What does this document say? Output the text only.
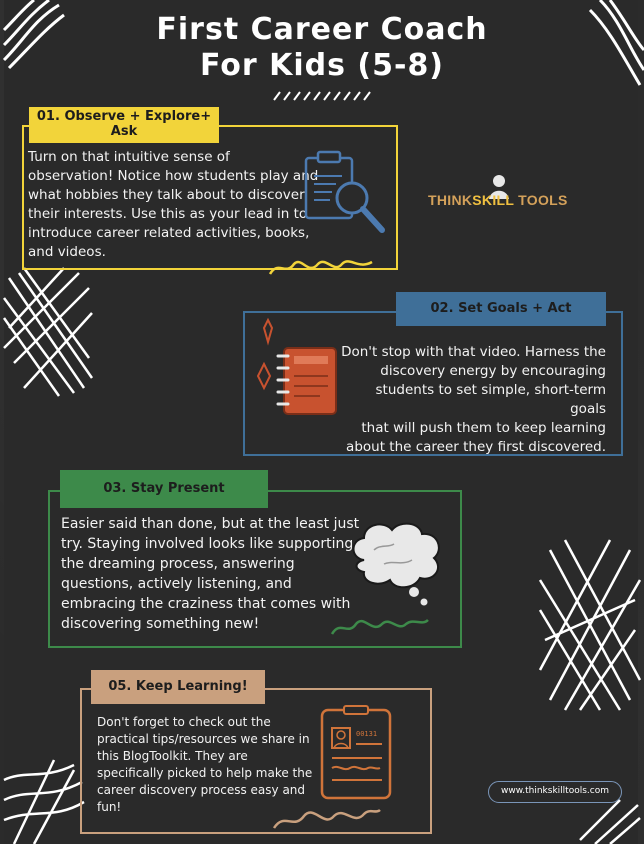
First Career Coach
For Kids (5-8)
01. Observe + Explore+
Ask
Turn on that intuitive sense of
observation! Notice how students play and
what hobbies they talk about to discover
their interests. Use this as your lead in to
introduce career related activities, books,
and videos.
THINKSKILL TOOLS
02. Set Goals + Act
Don't stop with that video. Harness the
discovery energy by encouraging
students to set simple, short-term goals
that will push them to keep learning
about the career they first discovered.
03. Stay Present
Easier said than done, but at the least just
try. Staying involved looks like supporting
the dreaming process, answering
questions, actively listening, and
embracing the craziness that comes with
discovering something new!
05. Keep Learning!
Don't forget to check out the
practical tips/resources we share in
this BlogToolkit. They are
specifically picked to help make the
career discovery process easy and
fun!
00131
www.thinkskilltools.com
